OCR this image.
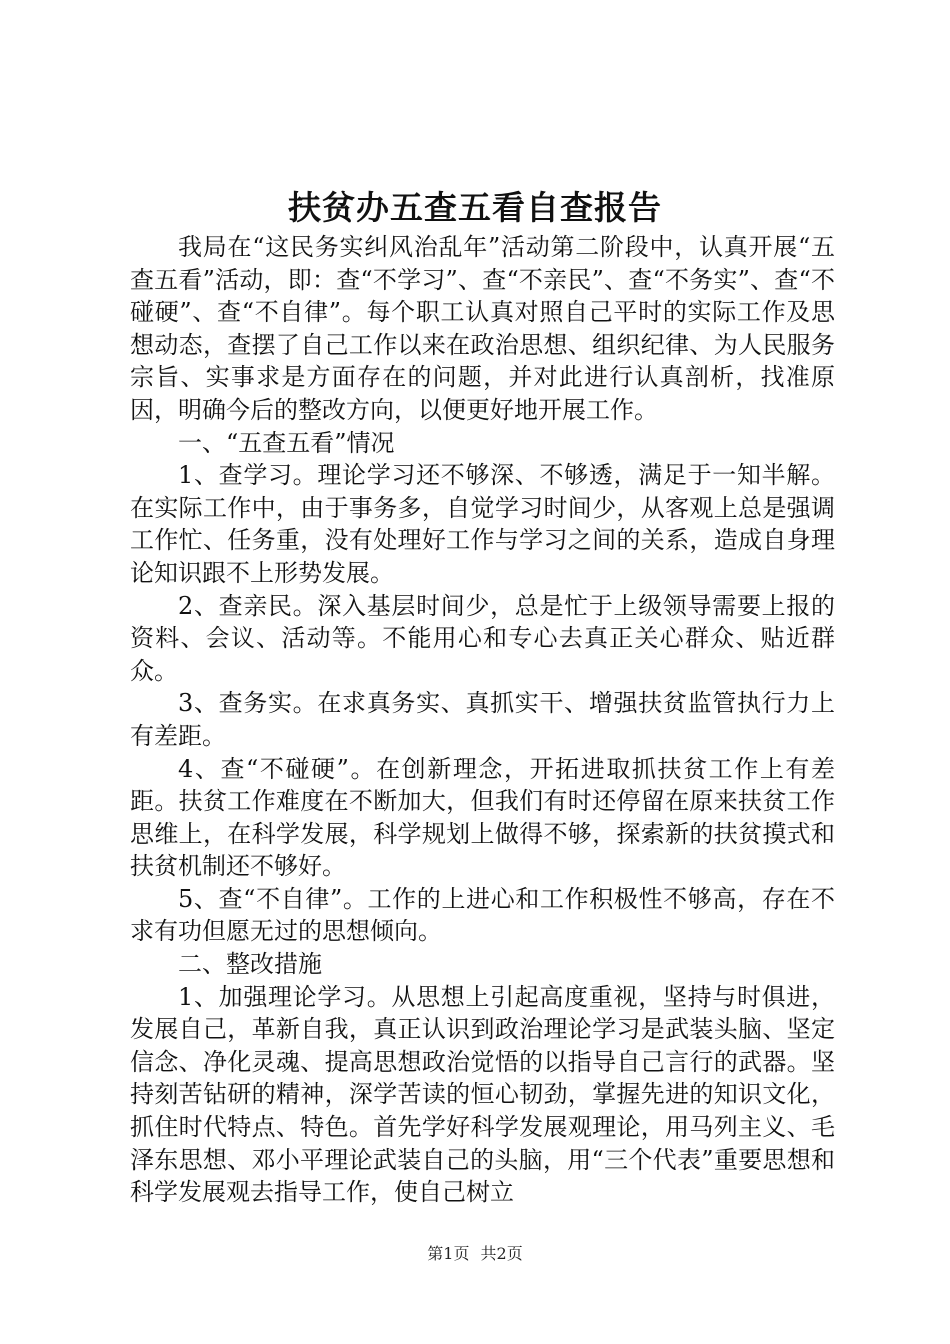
扶贫办五查五看自查报告

我局在“这民务实纠风治乱年”活动第二阶段中，认真开展“五查五看”活动，即：查“不学习”、查“不亲民”、查“不务实”、查“不碰硬”、查“不自律”。每个职工认真对照自己平时的实际工作及思想动态，查摆了自己工作以来在政治思想、组织纪律、为人民服务宗旨、实事求是方面存在的问题，并对此进行认真剖析，找准原因，明确今后的整改方向，以便更好地开展工作。

一、“五查五看”情况

1、查学习。理论学习还不够深、不够透，满足于一知半解。在实际工作中，由于事务多，自觉学习时间少，从客观上总是强调工作忙、任务重，没有处理好工作与学习之间的关系，造成自身理论知识跟不上形势发展。

2、查亲民。深入基层时间少，总是忙于上级领导需要上报的资料、会议、活动等。不能用心和专心去真正关心群众、贴近群众。

3、查务实。在求真务实、真抓实干、增强扶贫监管执行力上有差距。

4、查“不碰硬”。在创新理念，开拓进取抓扶贫工作上有差距。扶贫工作难度在不断加大，但我们有时还停留在原来扶贫工作思维上，在科学发展，科学规划上做得不够，探索新的扶贫摸式和扶贫机制还不够好。

5、查“不自律”。工作的上进心和工作积极性不够高，存在不求有功但愿无过的思想倾向。

二、整改措施

1、加强理论学习。从思想上引起高度重视，坚持与时俱进，发展自己，革新自我，真正认识到政治理论学习是武装头脑、坚定信念、净化灵魂、提高思想政治觉悟的以指导自己言行的武器。坚持刻苦钻研的精神，深学苦读的恒心韧劲，掌握先进的知识文化，抓住时代特点、特色。首先学好科学发展观理论，用马列主义、毛泽东思想、邓小平理论武装自己的头脑，用“三个代表”重要思想和科学发展观去指导工作，使自己树立

第1页 共2页
